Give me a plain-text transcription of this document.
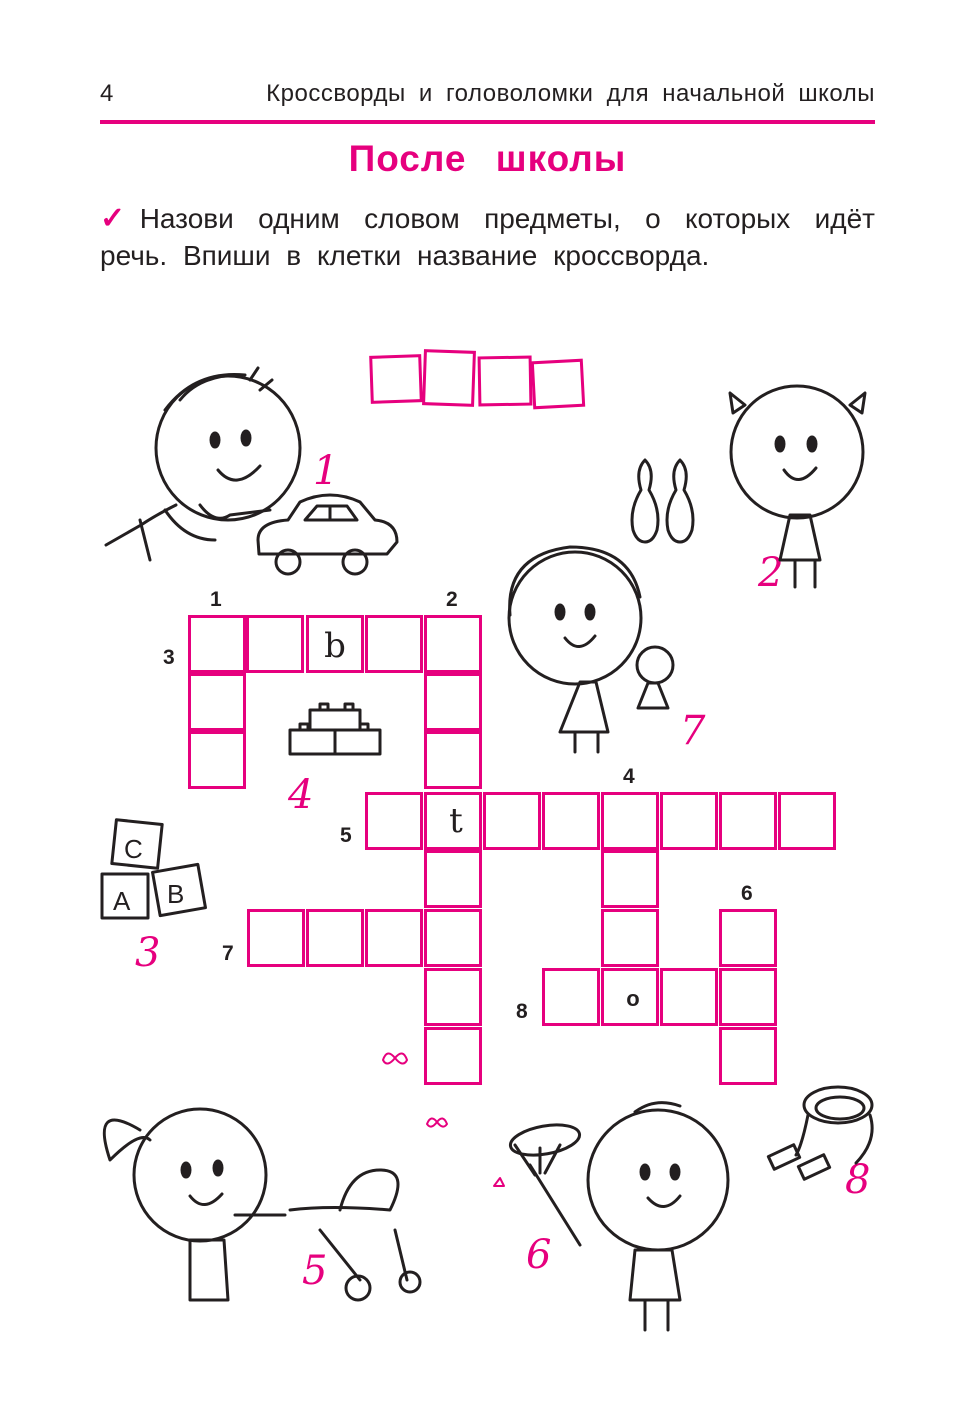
4	Кроссворды и головоломки для начальной школы
После школы
✓ Назови одним словом предметы, о которых идёт речь. Впиши в клетки название кроссворда.
b
t
о
1	2
3
4
5
6
7
8
1
2
3
4
5	6
7
8
C
A B
